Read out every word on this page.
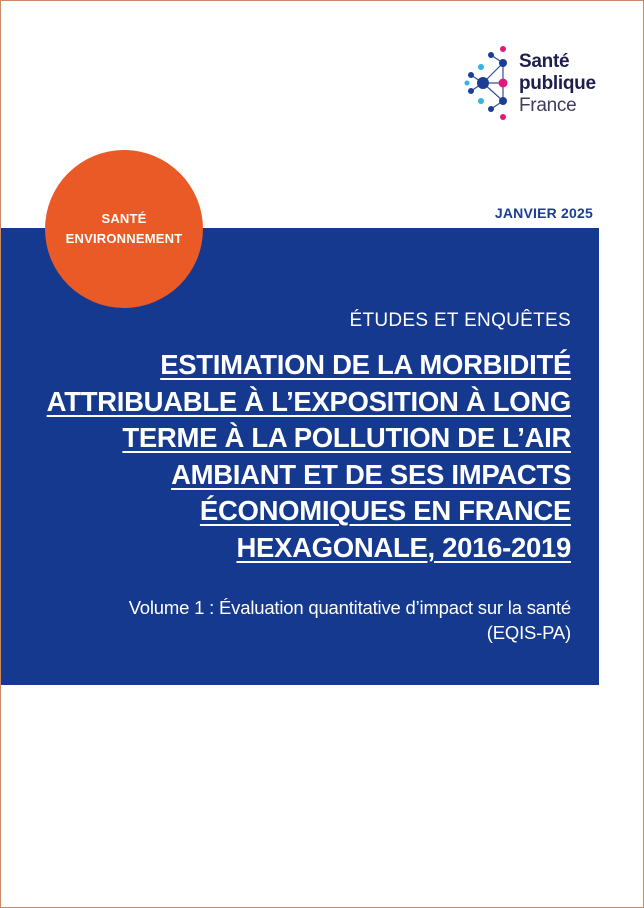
Santé
publique
France
JANVIER 2025
SANTÉ
ENVIRONNEMENT
ÉTUDES ET ENQUÊTES
ESTIMATION DE LA MORBIDITÉ
ATTRIBUABLE À L’EXPOSITION À LONG
TERME À LA POLLUTION DE L’AIR
AMBIANT ET DE SES IMPACTS
ÉCONOMIQUES EN FRANCE
HEXAGONALE, 2016-2019
Volume 1 : Évaluation quantitative d’impact sur la santé
(EQIS-PA)
